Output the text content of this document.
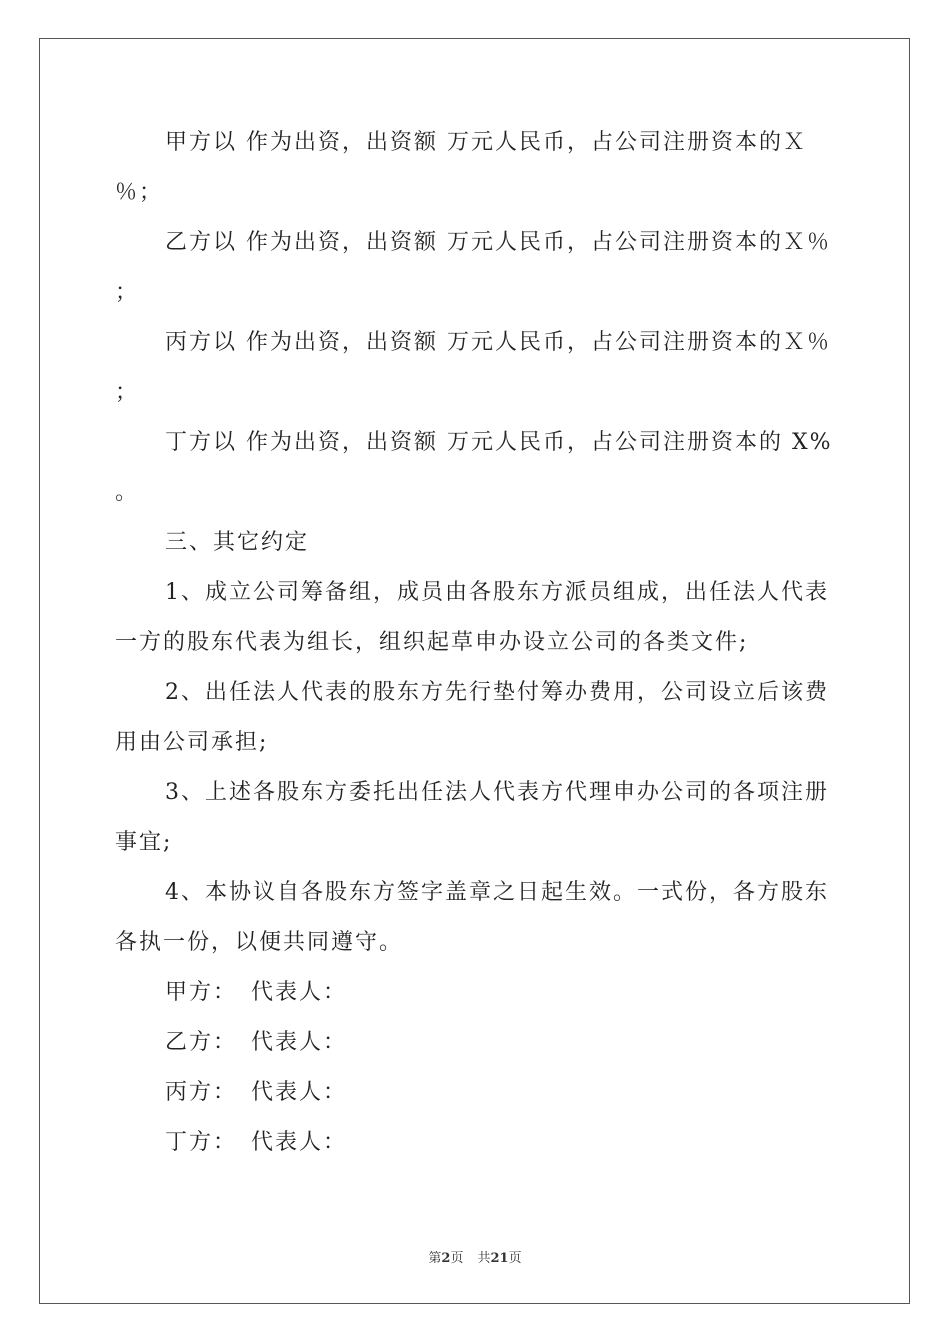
甲方以 作为出资，出资额 万元人民币，占公司注册资本的Ｘ
％；
乙方以 作为出资，出资额 万元人民币，占公司注册资本的Ｘ％
；
丙方以 作为出资，出资额 万元人民币，占公司注册资本的Ｘ％
；
丁方以 作为出资，出资额 万元人民币，占公司注册资本的 X%
。
三、其它约定
1、成立公司筹备组，成员由各股东方派员组成，出任法人代表
一方的股东代表为组长，组织起草申办设立公司的各类文件;
2、出任法人代表的股东方先行垫付筹办费用，公司设立后该费
用由公司承担;
3、上述各股东方委托出任法人代表方代理申办公司的各项注册
事宜;
4、本协议自各股东方签字盖章之日起生效。一式份，各方股东
各执一份，以便共同遵守。
甲方： 代表人：
乙方： 代表人：
丙方： 代表人：
丁方： 代表人：
第2页 共21页
